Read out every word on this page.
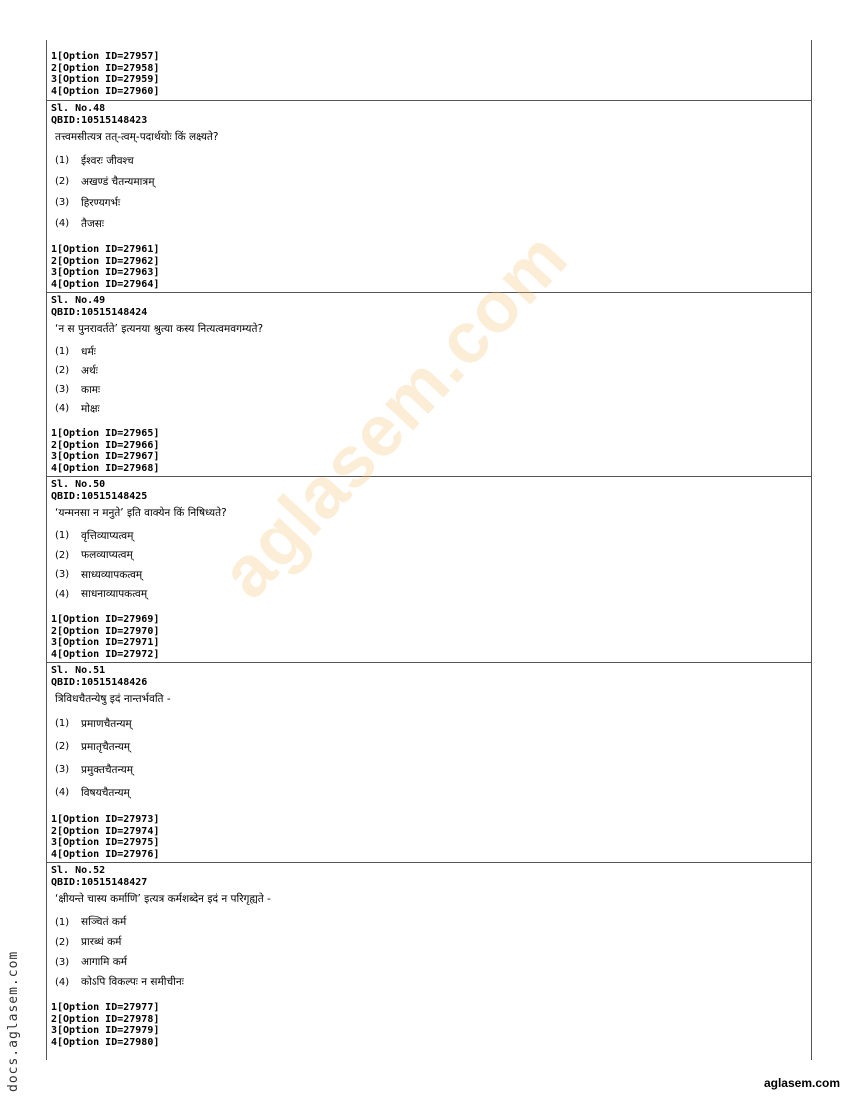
1[Option ID=27957]
2[Option ID=27958]
3[Option ID=27959]
4[Option ID=27960]
Sl. No.48
QBID:10515148423
तत्त्वमसीत्यत्र तत्-त्वम्-पदार्थयोः किं लक्ष्यते?
(1)	ईश्वरः जीवश्च
(2)	अखण्डं चैतन्यमात्रम्
(3)	हिरण्यगर्भः
(4)	तैजसः
1[Option ID=27961]
2[Option ID=27962]
3[Option ID=27963]
4[Option ID=27964]
Sl. No.49
QBID:10515148424
‘न स पुनरावर्तते’ इत्यनया श्रुत्या कस्य नित्यत्वमवगम्यते?
(1)	धर्मः
(2)	अर्थः
(3)	कामः
(4)	मोक्षः
1[Option ID=27965]
2[Option ID=27966]
3[Option ID=27967]
4[Option ID=27968]
Sl. No.50
QBID:10515148425
‘यन्मनसा न मनुते’ इति वाक्येन किं निषिध्यते?
(1)	वृत्तिव्याप्यत्वम्
(2)	फलव्याप्यत्वम्
(3)	साध्यव्यापकत्वम्
(4)	साधनाव्यापकत्वम्
1[Option ID=27969]
2[Option ID=27970]
3[Option ID=27971]
4[Option ID=27972]
Sl. No.51
QBID:10515148426
त्रिविधचैतन्येषु इदं नान्तर्भवति -
(1)	प्रमाणचैतन्यम्
(2)	प्रमातृचैतन्यम्
(3)	प्रमुक्तचैतन्यम्
(4)	विषयचैतन्यम्
1[Option ID=27973]
2[Option ID=27974]
3[Option ID=27975]
4[Option ID=27976]
Sl. No.52
QBID:10515148427
‘क्षीयन्ते चास्य कर्माणि’ इत्यत्र कर्मशब्देन इदं न परिगृह्यते -
(1)	सञ्चितं कर्म
(2)	प्रारब्धं कर्म
(3)	आगामि कर्म
(4)	कोऽपि विकल्पः न समीचीनः
1[Option ID=27977]
2[Option ID=27978]
3[Option ID=27979]
4[Option ID=27980]
aglasem.com
docs.aglasem.com	aglasem.com
